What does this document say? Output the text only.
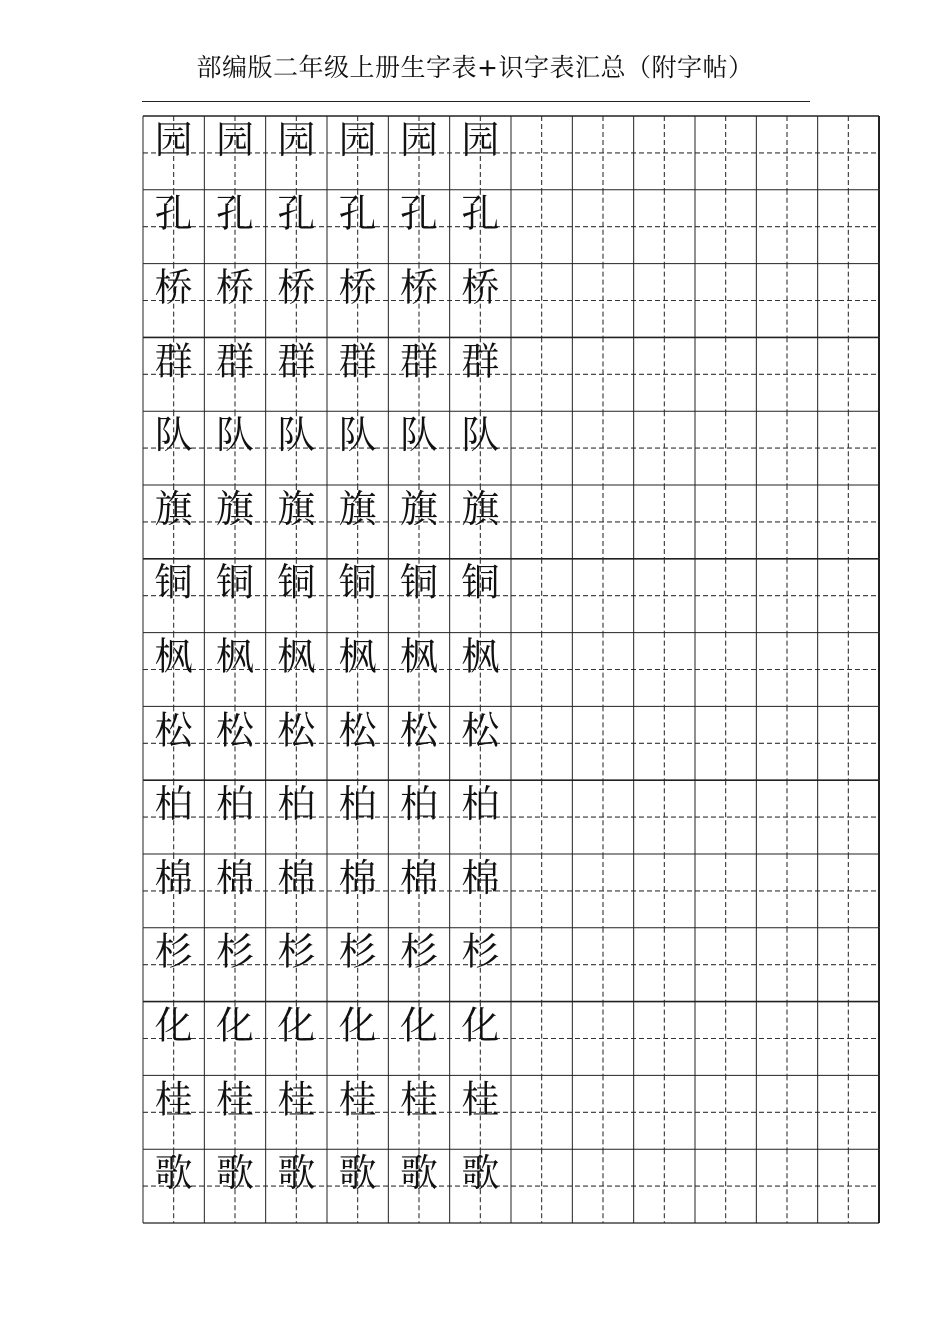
部编版二年级上册生字表+识字表汇总（附字帖）
园 园 园 园 园 园
孔 孔 孔 孔 孔 孔
桥 桥 桥 桥 桥 桥
群 群 群 群 群 群
队 队 队 队 队 队
旗 旗 旗 旗 旗 旗
铜 铜 铜 铜 铜 铜
枫 枫 枫 枫 枫 枫
松 松 松 松 松 松
柏 柏 柏 柏 柏 柏
棉 棉 棉 棉 棉 棉
杉 杉 杉 杉 杉 杉
化 化 化 化 化 化
桂 桂 桂 桂 桂 桂
歌 歌 歌 歌 歌 歌
